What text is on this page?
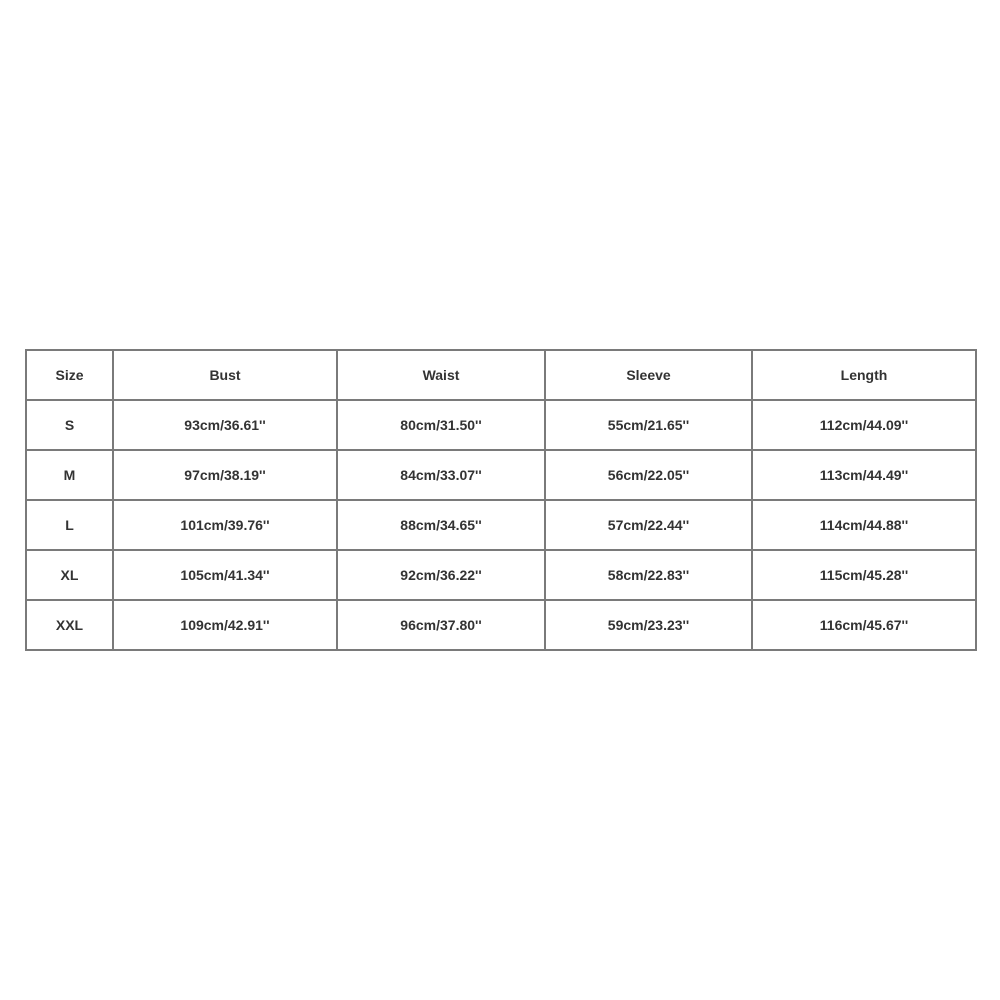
Size	Bust	Waist	Sleeve	Length
S	93cm/36.61''	80cm/31.50''	55cm/21.65''	112cm/44.09''
M	97cm/38.19''	84cm/33.07''	56cm/22.05''	113cm/44.49''
L	101cm/39.76''	88cm/34.65''	57cm/22.44''	114cm/44.88''
XL	105cm/41.34''	92cm/36.22''	58cm/22.83''	115cm/45.28''
XXL	109cm/42.91''	96cm/37.80''	59cm/23.23''	116cm/45.67''
